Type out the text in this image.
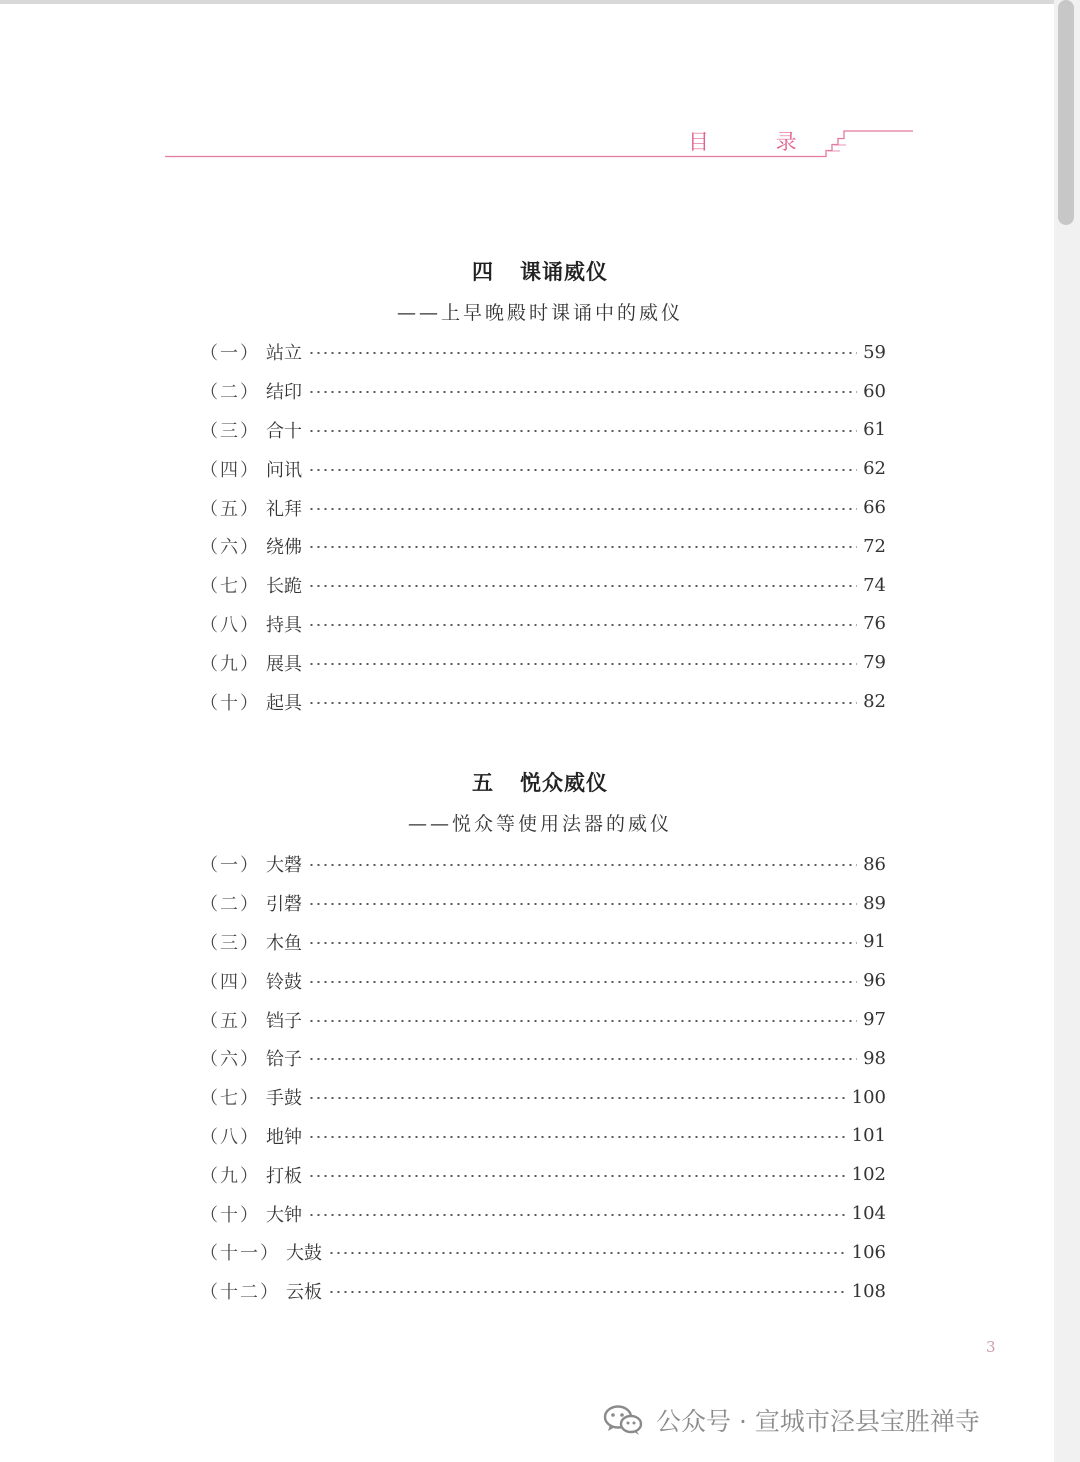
目 录
四 课诵威仪
——上早晚殿时课诵中的威仪
（一） 站立	59
（二） 结印	60
（三） 合十	61
（四） 问讯	62
（五） 礼拜	66
（六） 绕佛	72
（七） 长跪	74
（八） 持具	76
（九） 展具	79
（十） 起具	82
五 悦众威仪
——悦众等使用法器的威仪
（一） 大磬	86
（二） 引磬	89
（三） 木鱼	91
（四） 铃鼓	96
（五） 铛子	97
（六） 铪子	98
（七） 手鼓	100
（八） 地钟	101
（九） 打板	102
（十） 大钟	104
（十一） 大鼓	106
（十二） 云板	108
3
公众号 · 宣城市泾县宝胜禅寺
